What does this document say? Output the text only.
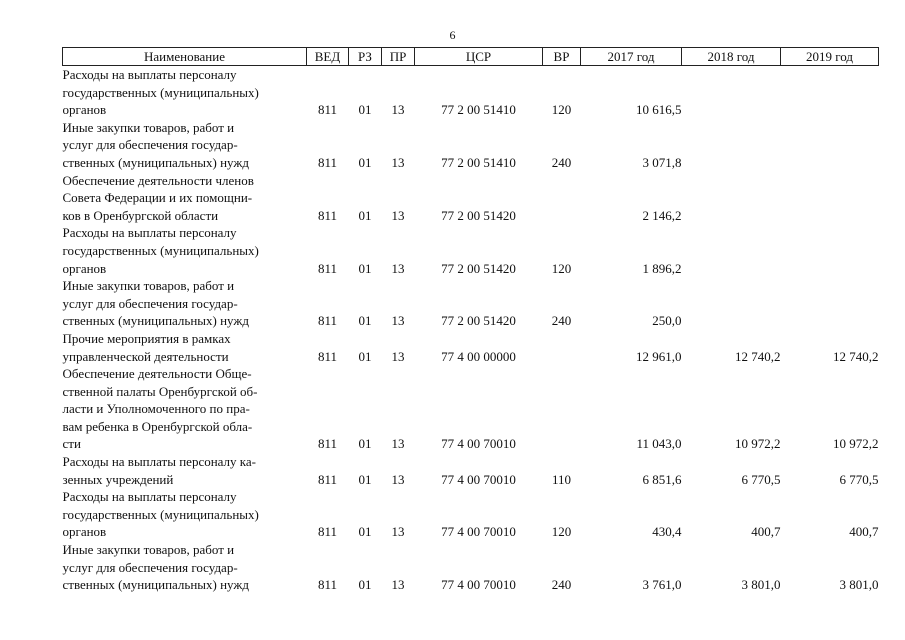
6
Наименование	ВЕД	РЗ	ПР	ЦСР	ВР	2017 год	2018 год	2019 год
Расходы на выплаты персоналу
государственных (муниципальных)
органов	811	01	13	77 2 00 51410	120	10 616,5		
Иные закупки товаров, работ и
услуг для обеспечения государ-
ственных (муниципальных) нужд	811	01	13	77 2 00 51410	240	3 071,8		
Обеспечение деятельности членов
Совета Федерации и их помощни-
ков в Оренбургской области	811	01	13	77 2 00 51420		2 146,2		
Расходы на выплаты персоналу
государственных (муниципальных)
органов	811	01	13	77 2 00 51420	120	1 896,2		
Иные закупки товаров, работ и
услуг для обеспечения государ-
ственных (муниципальных) нужд	811	01	13	77 2 00 51420	240	250,0		
Прочие мероприятия в рамках
управленческой деятельности	811	01	13	77 4 00 00000		12 961,0	12 740,2	12 740,2
Обеспечение деятельности Обще-
ственной палаты Оренбургской об-
ласти и Уполномоченного по пра-
вам ребенка в Оренбургской обла-
сти	811	01	13	77 4 00 70010		11 043,0	10 972,2	10 972,2
Расходы на выплаты персоналу ка-
зенных учреждений	811	01	13	77 4 00 70010	110	6 851,6	6 770,5	6 770,5
Расходы на выплаты персоналу
государственных (муниципальных)
органов	811	01	13	77 4 00 70010	120	430,4	400,7	400,7
Иные закупки товаров, работ и
услуг для обеспечения государ-
ственных (муниципальных) нужд	811	01	13	77 4 00 70010	240	3 761,0	3 801,0	3 801,0
